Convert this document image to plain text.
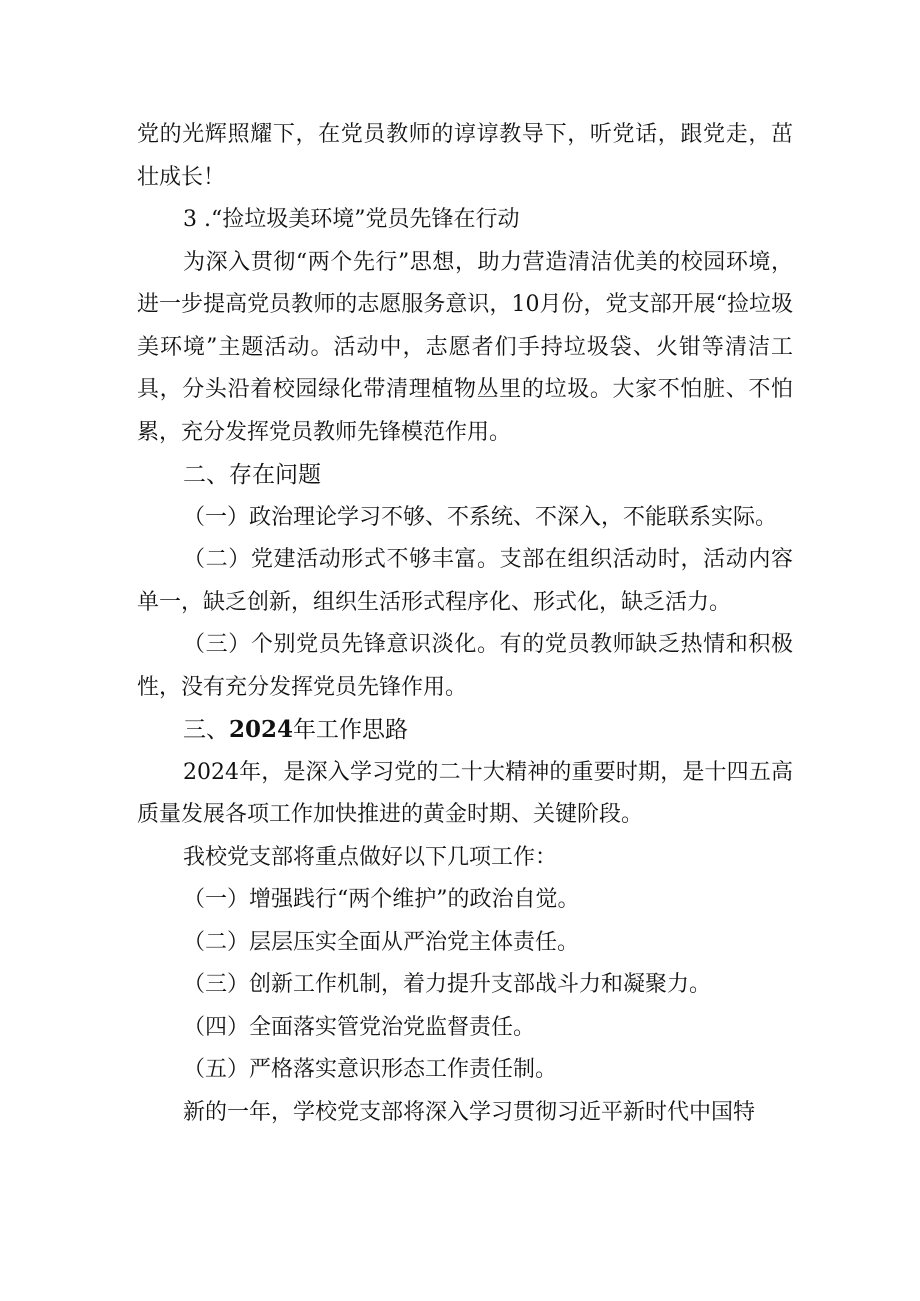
党的光辉照耀下，在党员教师的谆谆教导下，听党话，跟党走，茁壮成长！

3 .“捡垃圾美环境”党员先锋在行动

为深入贯彻“两个先行”思想，助力营造清洁优美的校园环境，进一步提高党员教师的志愿服务意识，10月份，党支部开展“捡垃圾美环境”主题活动。活动中，志愿者们手持垃圾袋、火钳等清洁工具，分头沿着校园绿化带清理植物丛里的垃圾。大家不怕脏、不怕累，充分发挥党员教师先锋模范作用。

二、存在问题

（一）政治理论学习不够、不系统、不深入，不能联系实际。

（二）党建活动形式不够丰富。支部在组织活动时，活动内容单一，缺乏创新，组织生活形式程序化、形式化，缺乏活力。

（三）个别党员先锋意识淡化。有的党员教师缺乏热情和积极性，没有充分发挥党员先锋作用。

三、2024年工作思路

2024年，是深入学习党的二十大精神的重要时期，是十四五高质量发展各项工作加快推进的黄金时期、关键阶段。

我校党支部将重点做好以下几项工作：

（一）增强践行“两个维护”的政治自觉。

（二）层层压实全面从严治党主体责任。

（三）创新工作机制，着力提升支部战斗力和凝聚力。

（四）全面落实管党治党监督责任。

（五）严格落实意识形态工作责任制。

新的一年，学校党支部将深入学习贯彻习近平新时代中国特
